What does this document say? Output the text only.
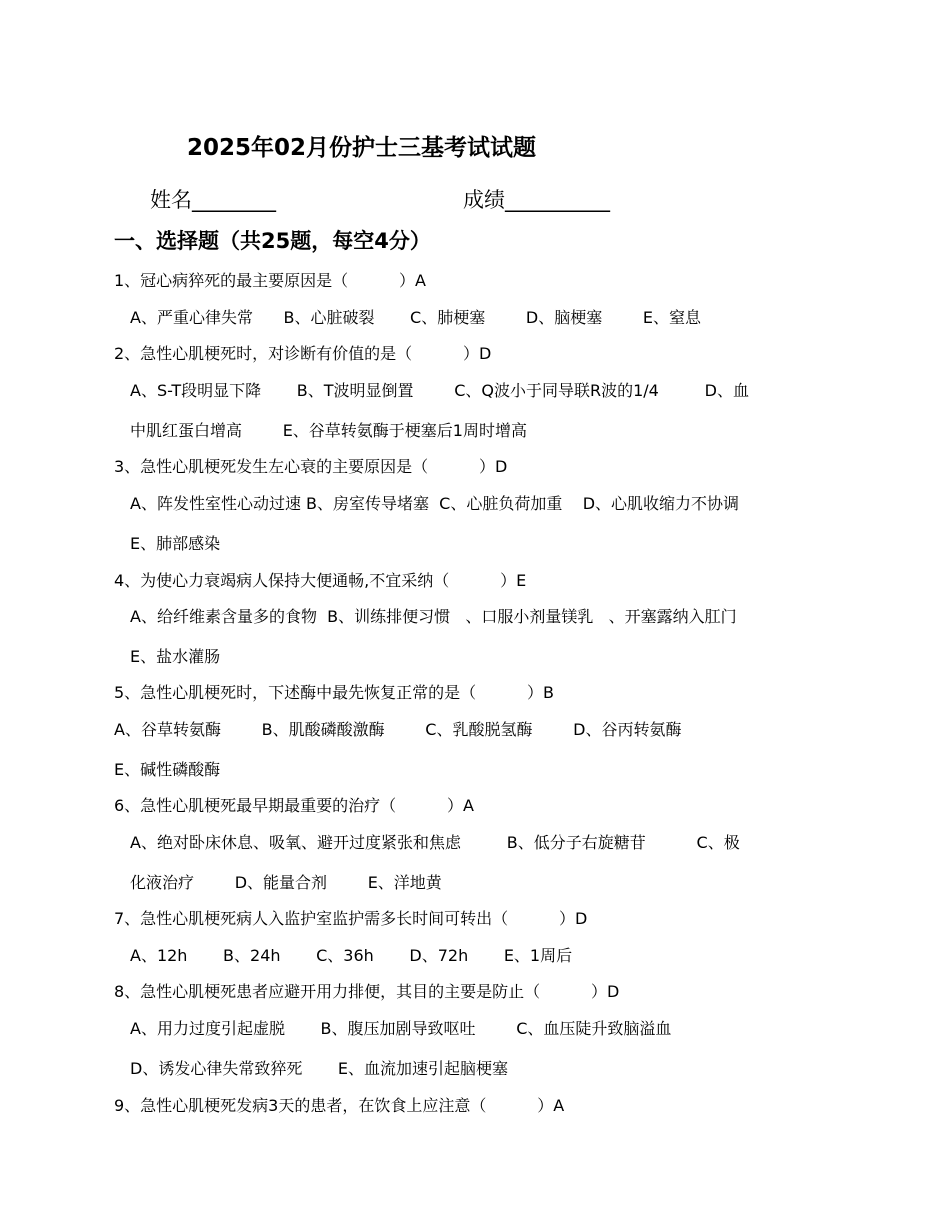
2025年02月份护士三基考试试题
姓名________	成绩__________
一、选择题（共25题，每空4分）
1、冠心病猝死的最主要原因是（          ）A
A、严重心律失常      B、心脏破裂       C、肺梗塞        D、脑梗塞        E、窒息
2、急性心肌梗死时，对诊断有价值的是（          ）D
A、S-T段明显下降       B、T波明显倒置        C、Q波小于同导联R波的1/4         D、血
中肌红蛋白增高        E、谷草转氨酶于梗塞后1周时增高
3、急性心肌梗死发生左心衰的主要原因是（          ）D
A、阵发性室性心动过速 B、房室传导堵塞  C、心脏负荷加重    D、心肌收缩力不协调
E、肺部感染
4、为使心力衰竭病人保持大便通畅,不宜采纳（          ）E
A、给纤维素含量多的食物  B、训练排便习惯   、口服小剂量镁乳   、开塞露纳入肛门
E、盐水灌肠
5、急性心肌梗死时，下述酶中最先恢复正常的是（          ）B
A、谷草转氨酶        B、肌酸磷酸激酶        C、乳酸脱氢酶        D、谷丙转氨酶
E、碱性磷酸酶
6、急性心肌梗死最早期最重要的治疗（          ）A
A、绝对卧床休息、吸氧、避开过度紧张和焦虑         B、低分子右旋糖苷          C、极
化液治疗        D、能量合剂        E、洋地黄
7、急性心肌梗死病人入监护室监护需多长时间可转出（          ）D
A、12h       B、24h       C、36h       D、72h       E、1周后
8、急性心肌梗死患者应避开用力排便，其目的主要是防止（          ）D
A、用力过度引起虚脱       B、腹压加剧导致呕吐        C、血压陡升致脑溢血
D、诱发心律失常致猝死       E、血流加速引起脑梗塞
9、急性心肌梗死发病3天的患者，在饮食上应注意（          ）A
